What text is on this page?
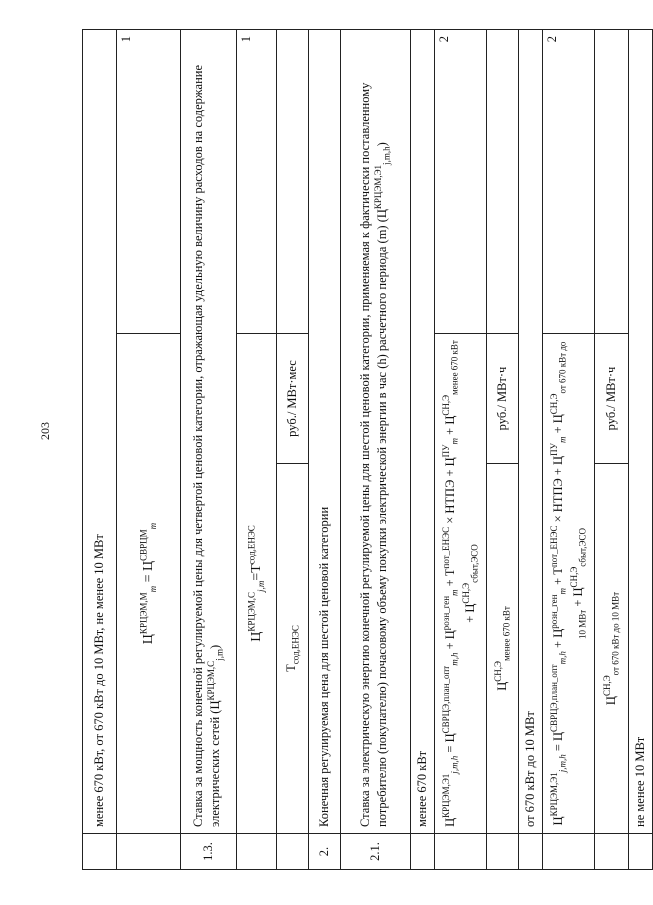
203
	менее 670 кВт, от 670 кВт до 10 МВт, не менее 10 МВт		
	$Ц^{КРЦЭМ,М}_m = Ц^{СВРЦМ}_m$		1
1.3.	Ставка за мощность конечной регулируемой цены для четвертой ценовой категории, отражающая удельную величину расходов на содержание электрических сетей $(Ц^{КРЦЭМ,С}_{j,m})$		
	$Ц^{КРЦЭМ,С}_{j,m}=Т^{сод,ЕНЭС}$		1
	$Т_{сод,ЕНЭС}$	руб./ МВт·мес	
2.	Конечная регулируемая цена для шестой ценовой категории		
2.1.	Ставка за электрическую энергию конечной регулируемой цены для шестой ценовой категории, применяемая к фактически поставленному потребителю (покупателю) почасовому объему покупки электрической энергии в час (h) расчетного периода (m) $(Ц^{КРЦЭМ,Э1}_{j,m,h})$		
	менее 670 кВт		
	$Ц^{КРЦЭМ,Э1}_{j,m,h} = Ц^{СВРЦЭ,план\_опт}_{m,h} + Ц^{розн\_ген}_m + Т^{пот\_ЕНЭС}$ × НТПЭ + $Ц^{ПУ}_m + Ц^{СН,Э}_{менее 670 кВт} + Ц^{СН,Э}_{сбыт,ЭСО}$		2
	$Ц^{СН,Э}_{менее 670 кВт}$	руб./ МВт·ч	
	от 670 кВт до 10 МВт		
	$Ц^{КРЦЭМ,Э1}_{j,m,h} = Ц^{СВРЦЭ,план\_опт}_{m,h} + Ц^{розн\_ген}_m + Т^{пот\_ЕНЭС}$ × НТПЭ + $Ц^{ПУ}_m + Ц^{СН,Э}_{от 670 кВт до 10 МВт} + Ц^{СН,Э}_{сбыт,ЭСО}$		2
	$Ц^{СН,Э}_{от 670 кВт до 10 МВт}$	руб./ МВт·ч	
	не менее 10 МВт		
